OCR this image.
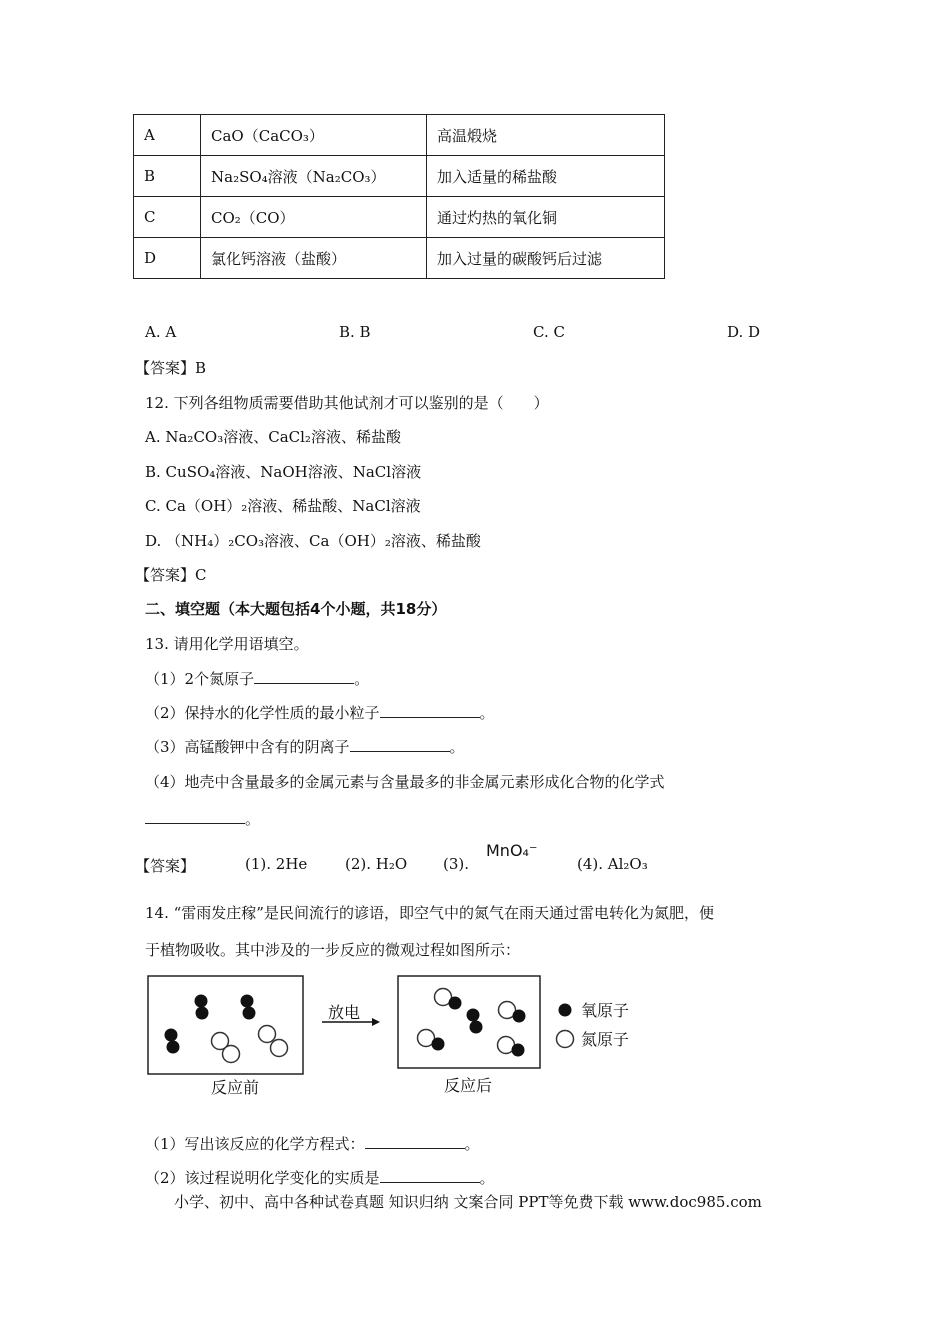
A	CaO（CaCO₃）	高温煅烧
B	Na₂SO₄溶液（Na₂CO₃）	加入适量的稀盐酸
C	CO₂（CO）	通过灼热的氧化铜
D	氯化钙溶液（盐酸）	加入过量的碳酸钙后过滤
A. A	B. B	C. C	D. D
【答案】B
12. 下列各组物质需要借助其他试剂才可以鉴别的是（　　）
A. Na₂CO₃溶液、CaCl₂溶液、稀盐酸
B. CuSO₄溶液、NaOH溶液、NaCl溶液
C. Ca（OH）₂溶液、稀盐酸、NaCl溶液
D. （NH₄）₂CO₃溶液、Ca（OH）₂溶液、稀盐酸
【答案】C
二、填空题（本大题包括4个小题，共18分）
13. 请用化学用语填空。
（1）2个氮原子	。
（2）保持水的化学性质的最小粒子	。
（3）高锰酸钾中含有的阴离子	。
（4）地壳中含量最多的金属元素与含量最多的非金属元素形成化合物的化学式
。
【答案】	(1). 2He	(2). H₂O (3).
MnO₄⁻
(4). Al₂O₃
14. “雷雨发庄稼”是民间流行的谚语，即空气中的氮气在雨天通过雷电转化为氮肥，便
于植物吸收。其中涉及的一步反应的微观过程如图所示：
反应前
放电
反应后
氧原子
氮原子
（1）写出该反应的化学方程式：	。
（2）该过程说明化学变化的实质是	。
小学、初中、高中各种试卷真题 知识归纳 文案合同 PPT等免费下载 www.doc985.com
